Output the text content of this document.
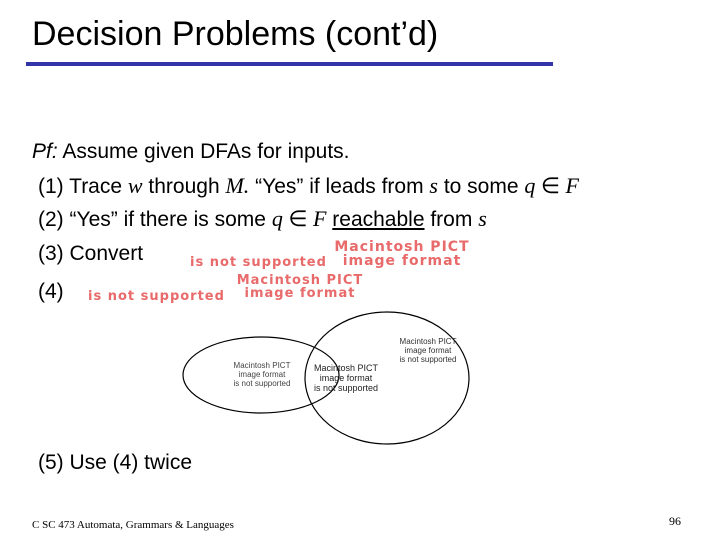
Decision Problems (cont’d)
Pf: Assume given DFAs for inputs.
(1) Trace w through M. “Yes” if leads from s to some q ∈ F
(2) “Yes” if there is some q ∈ F reachable from s
(3) Convert
(4)
Macintosh PICT
image format
is not supported
Macintosh PICT
image format
is not supported
Macintosh PICT
image format
is not supported
Macintosh PICT
image format
is not supported
Macintosh PICT
image format
is not supported
(5) Use (4) twice
C SC 473 Automata, Grammars & Languages	96
